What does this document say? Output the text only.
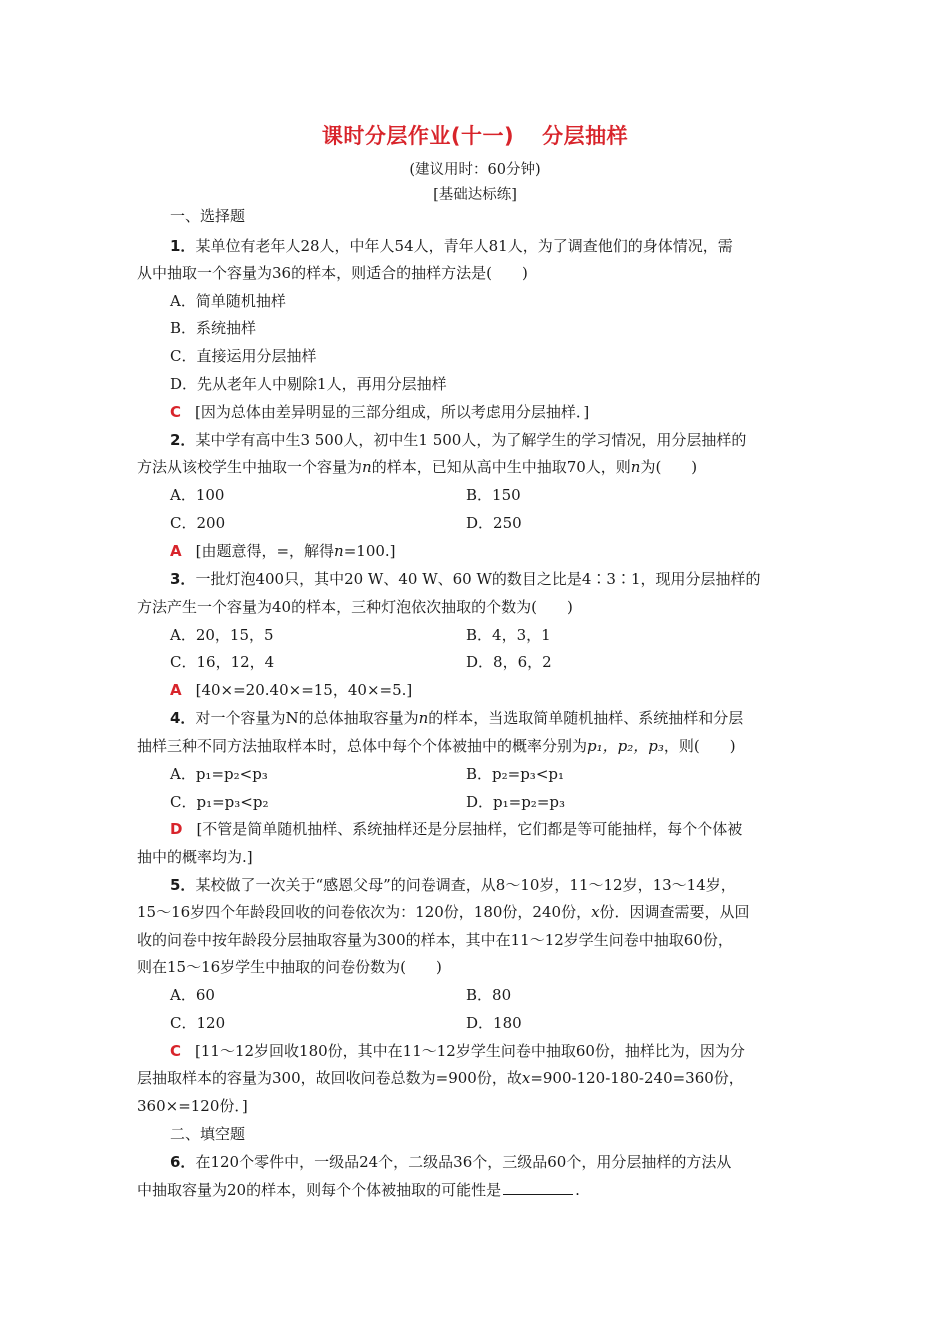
课时分层作业(十一) 分层抽样
(建议用时：60分钟)
[基础达标练]
一、选择题
1．某单位有老年人28人，中年人54人，青年人81人，为了调查他们的身体情况，需
从中抽取一个容量为36的样本，则适合的抽样方法是(　　)
A．简单随机抽样
B．系统抽样
C．直接运用分层抽样
D．先从老年人中剔除1人，再用分层抽样
C [因为总体由差异明显的三部分组成，所以考虑用分层抽样．]
2．某中学有高中生3 500人，初中生1 500人，为了解学生的学习情况，用分层抽样的
方法从该校学生中抽取一个容量为n的样本，已知从高中生中抽取70人，则n为(　　)
A．100	B．150
C．200	D．250
A [由题意得，=，解得n=100.]
3．一批灯泡400只，其中20 W、40 W、60 W的数目之比是4∶3∶1，现用分层抽样的
方法产生一个容量为40的样本，三种灯泡依次抽取的个数为(　　)
A．20，15，5	B．4，3，1
C．16，12，4	D．8，6，2
A [40×=20.40×=15，40×=5.]
4．对一个容量为N的总体抽取容量为n的样本，当选取简单随机抽样、系统抽样和分层
抽样三种不同方法抽取样本时，总体中每个个体被抽中的概率分别为p₁，p₂，p₃，则(　　)
A．p₁=p₂<p₃	B．p₂=p₃<p₁
C．p₁=p₃<p₂	D．p₁=p₂=p₃
D [不管是简单随机抽样、系统抽样还是分层抽样，它们都是等可能抽样，每个个体被
抽中的概率均为.]
5．某校做了一次关于“感恩父母”的问卷调查，从8～10岁，11～12岁，13～14岁，
15～16岁四个年龄段回收的问卷依次为：120份，180份，240份，x份．因调查需要，从回
收的问卷中按年龄段分层抽取容量为300的样本，其中在11～12岁学生问卷中抽取60份，
则在15～16岁学生中抽取的问卷份数为(　　)
A．60	B．80
C．120	D．180
C [11～12岁回收180份，其中在11～12岁学生问卷中抽取60份，抽样比为，因为分
层抽取样本的容量为300，故回收问卷总数为=900份，故x=900-120-180-240=360份，
360×=120份．]
二、填空题
6．在120个零件中，一级品24个，二级品36个，三级品60个，用分层抽样的方法从
中抽取容量为20的样本，则每个个体被抽取的可能性是	.
